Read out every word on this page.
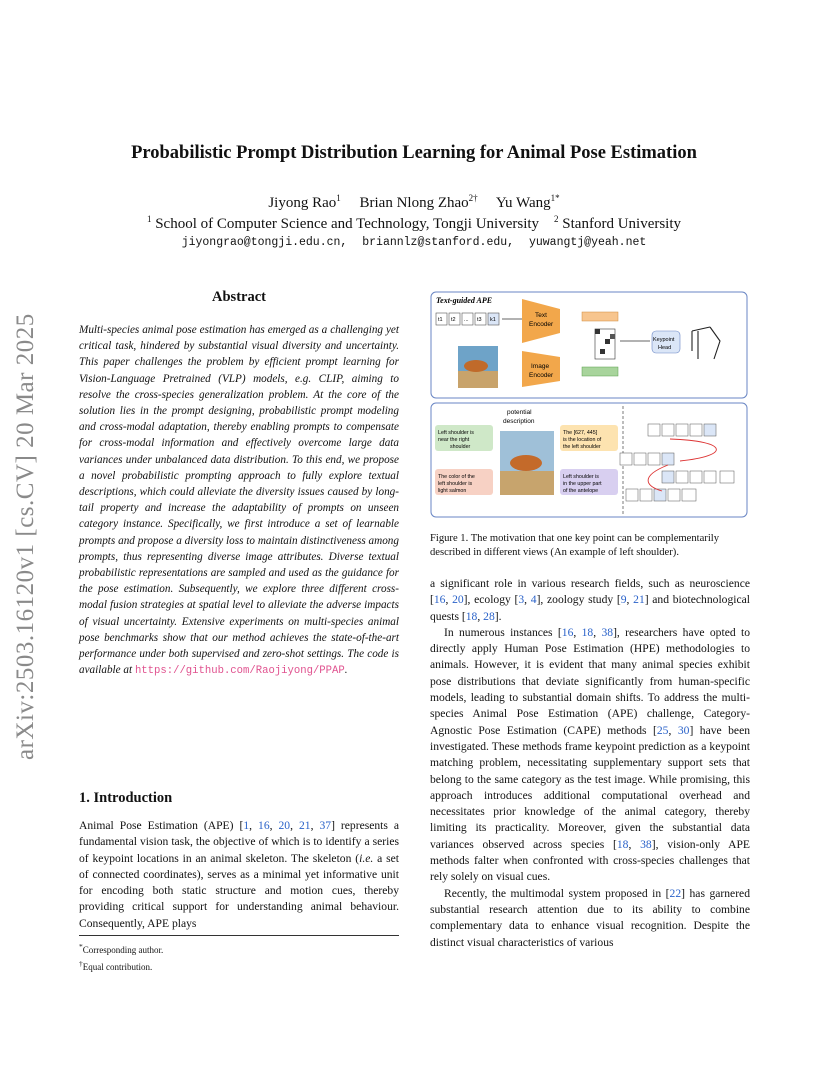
arXiv:2503.16120v1 [cs.CV] 20 Mar 2025
Probabilistic Prompt Distribution Learning for Animal Pose Estimation
Jiyong Rao$^1$ Brian Nlong Zhao$^{2\dagger}$ Yu Wang$^{1*}$
$^1$ School of Computer Science and Technology, Tongji University $^2$ Stanford University
jiyongrao@tongji.edu.cn, briannlz@stanford.edu, yuwangtj@yeah.net
Abstract
Multi-species animal pose estimation has emerged as a challenging yet critical task, hindered by substantial visual diversity and uncertainty. This paper challenges the problem by efficient prompt learning for Vision-Language Pretrained (VLP) models, e.g. CLIP, aiming to resolve the cross-species generalization problem. At the core of the solution lies in the prompt designing, probabilistic prompt modeling and cross-modal adaptation, thereby enabling prompts to compensate for cross-modal information and effectively overcome large data variances under unbalanced data distribution. To this end, we propose a novel probabilistic prompting approach to fully explore textual descriptions, which could alleviate the diversity issues caused by long-tail property and increase the adaptability of prompts on unseen category instance. Specifically, we first introduce a set of learnable prompts and propose a diversity loss to maintain distinctiveness among prompts, thus representing diverse image attributes. Diverse textual probabilistic representations are sampled and used as the guidance for the pose estimation. Subsequently, we explore three different cross-modal fusion strategies at spatial level to alleviate the adverse impacts of visual uncertainty. Extensive experiments on multi-species animal pose benchmarks show that our method achieves the state-of-the-art performance under both supervised and zero-shot settings. The code is available at https://github.com/Raojiyong/PPAP.
1. Introduction
Animal Pose Estimation (APE) [1, 16, 20, 21, 37] represents a fundamental vision task, the objective of which is to identify a series of keypoint locations in an animal skeleton. The skeleton (i.e. a set of connected coordinates), serves as a minimal yet informative unit for encoding both static structure and motion cues, thereby providing critical support for understanding animal behaviour. Consequently, APE plays
*Corresponding author.
†Equal contribution.
Text-guided APE
t1 t2 ... t3 k1
Text
Encoder
Keypoint
Head
Image
Encoder
potential
description
Left shoulder is
near the right
shoulder
The color of the
left shoulder is
light salmon
The [627, 445]
is the location of
the left shoulder
Left shoulder is
in the upper part
of the antelope
Figure 1. The motivation that one key point can be complementarily described in different views (An example of left shoulder).

a significant role in various research fields, such as neuroscience [16, 20], ecology [3, 4], zoology study [9, 21] and biotechnological quests [18, 28].

In numerous instances [16, 18, 38], researchers have opted to directly apply Human Pose Estimation (HPE) methodologies to animals. However, it is evident that many animal species exhibit pose distributions that deviate significantly from human-specific models, leading to substantial domain shifts. To address the multi-species Animal Pose Estimation (APE) challenge, Category-Agnostic Pose Estimation (CAPE) methods [25, 30] have been investigated. These methods frame keypoint prediction as a keypoint matching problem, necessitating supplementary support sets that belong to the same category as the test image. While promising, this approach introduces additional computational overhead and necessitates prior knowledge of the animal category, thereby limiting its practicality. Moreover, given the substantial data variances observed across species [18, 38], vision-only APE methods falter when confronted with cross-species challenges that rely solely on visual cues.

Recently, the multimodal system proposed in [22] has garnered substantial research attention due to its ability to combine complementary data to enhance visual recognition. Despite the distinct visual characteristics of various
